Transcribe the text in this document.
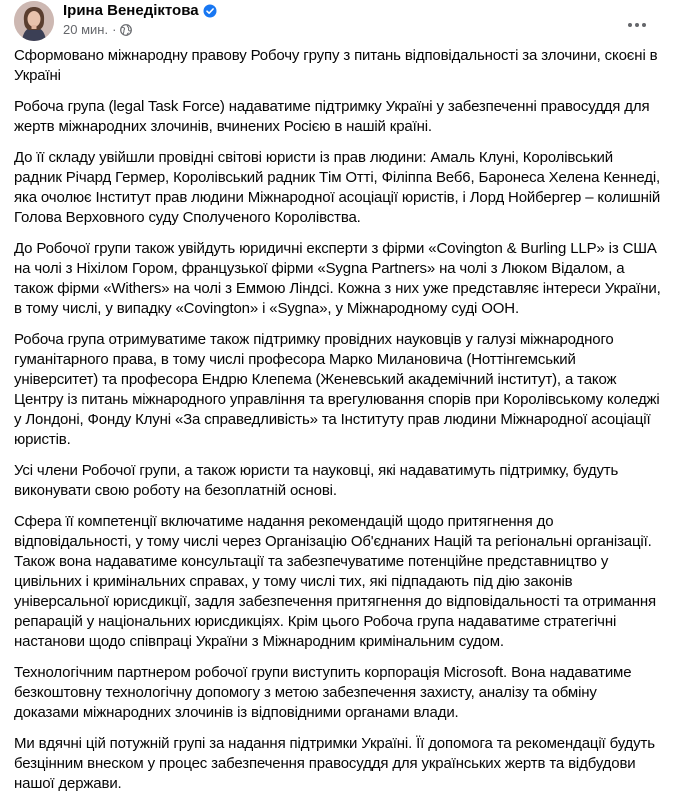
Ірина Венедіктова
20 мин. ·

Сформовано міжнародну правову Робочу групу з питань відповідальності за злочини, скоєні в Україні

Робоча група (legal Task Force) надаватиме підтримку Україні у забезпеченні правосуддя для жертв міжнародних злочинів, вчинених Росією в нашій країні.

До її складу увійшли провідні світові юристи із прав людини: Амаль Клуні, Королівський радник Річард Гермер, Королівський радник Тім Отті, Філіппа Веб6, Баронеса Хелена Кеннеді, яка очолює Інститут прав людини Міжнародної асоціації юристів, і Лорд Нойбергер – колишній Голова Верховного суду Сполученого Королівства.

До Робочої групи також увійдуть юридичні експерти з фірми «Covington & Burling LLP» із США на чолі з Ніхілом Гором, французької фірми «Sygna Partners» на чолі з Люком Відалом, а також фірми «Withers» на чолі з Еммою Ліндсі. Кожна з них уже представляє інтереси України, в тому числі, у випадку «Covington» і «Sygna», у Міжнародному суді ООН.

Робоча група отримуватиме також підтримку провідних науковців у галузі міжнародного гуманітарного права, в тому числі професора Марко Милановича (Ноттінгемський університет) та професора Ендрю Клепема (Женевський академічний інститут), а також Центру із питань міжнародного управління та врегулювання спорів при Королівському коледжі у Лондоні, Фонду Клуні «За справедливість» та Інституту прав людини Міжнародної асоціації юристів.

Усі члени Робочої групи, а також юристи та науковці, які надаватимуть підтримку, будуть виконувати свою роботу на безоплатній основі.

Сфера її компетенції включатиме надання рекомендацій щодо притягнення до відповідальності, у тому числі через Організацію Об'єднаних Націй та регіональні організації. Також вона надаватиме консультації та забезпечуватиме потенційне представництво у цивільних і кримінальних справах, у тому числі тих, які підпадають під дію законів універсальної юрисдикції, задля забезпечення притягнення до відповідальності та отримання репарацій у національних юрисдикціях. Крім цього Робоча група надаватиме стратегічні настанови щодо співпраці України з Міжнародним кримінальним судом.

Технологічним партнером робочої групи виступить корпорація Microsoft. Вона надаватиме безкоштовну технологічну допомогу з метою забезпечення захисту, аналізу та обміну доказами міжнародних злочинів із відповідними органами влади.

Ми вдячні цій потужній групі за надання підтримки Україні. Її допомога та рекомендації будуть безцінним внеском у процес забезпечення правосуддя для українських жертв та відбудови нашої держави.
